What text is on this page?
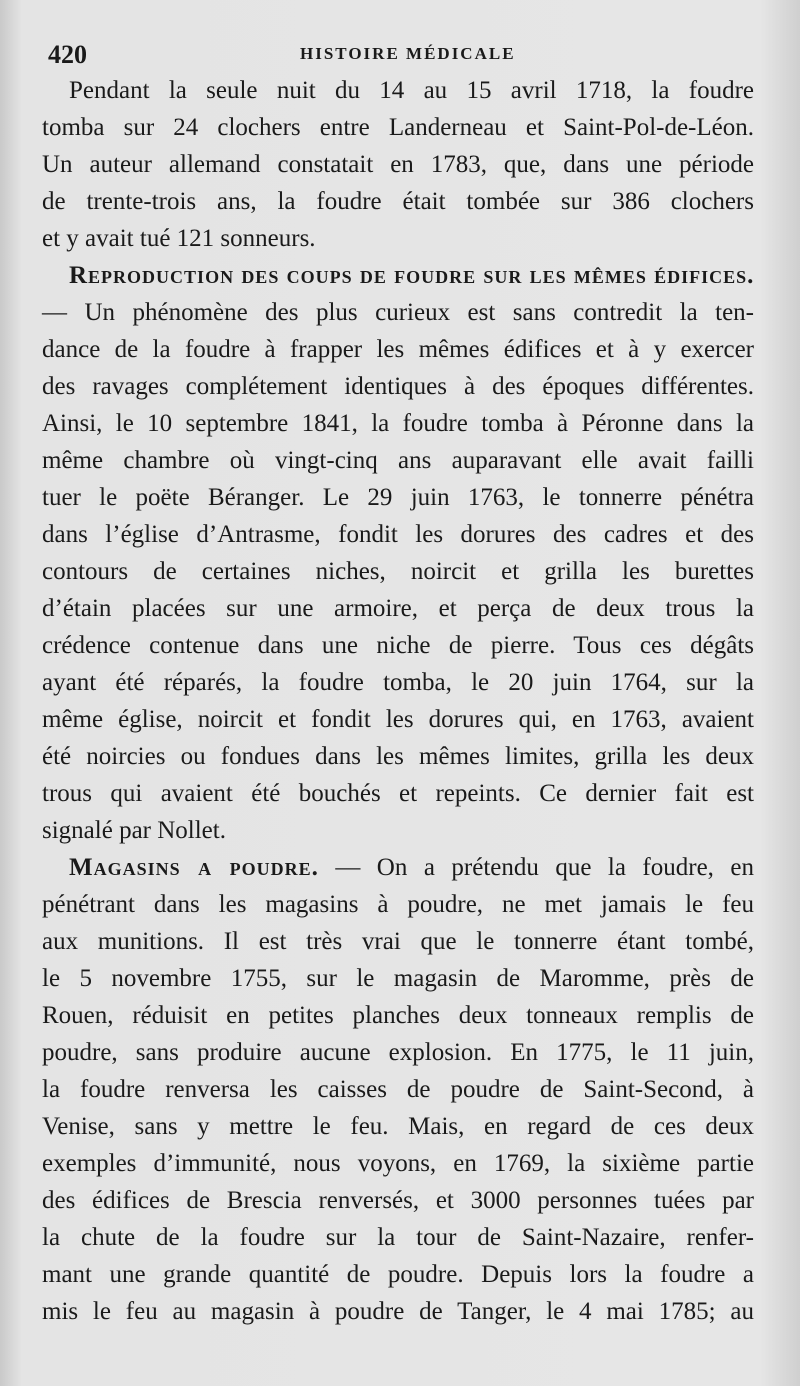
420	HISTOIRE MÉDICALE
Pendant la seule nuit du 14 au 15 avril 1718, la foudre
tomba sur 24 clochers entre Landerneau et Saint-Pol-de-Léon.
Un auteur allemand constatait en 1783, que, dans une période
de trente-trois ans, la foudre était tombée sur 386 clochers
et y avait tué 121 sonneurs.
Reproduction des coups de foudre sur les mêmes édifices.
— Un phénomène des plus curieux est sans contredit la ten-
dance de la foudre à frapper les mêmes édifices et à y exercer
des ravages complétement identiques à des époques différentes.
Ainsi, le 10 septembre 1841, la foudre tomba à Péronne dans la
même chambre où vingt-cinq ans auparavant elle avait failli
tuer le poëte Béranger. Le 29 juin 1763, le tonnerre pénétra
dans l’église d’Antrasme, fondit les dorures des cadres et des
contours de certaines niches, noircit et grilla les burettes
d’étain placées sur une armoire, et perça de deux trous la
crédence contenue dans une niche de pierre. Tous ces dégâts
ayant été réparés, la foudre tomba, le 20 juin 1764, sur la
même église, noircit et fondit les dorures qui, en 1763, avaient
été noircies ou fondues dans les mêmes limites, grilla les deux
trous qui avaient été bouchés et repeints. Ce dernier fait est
signalé par Nollet.
Magasins a poudre. — On a prétendu que la foudre, en
pénétrant dans les magasins à poudre, ne met jamais le feu
aux munitions. Il est très vrai que le tonnerre étant tombé,
le 5 novembre 1755, sur le magasin de Maromme, près de
Rouen, réduisit en petites planches deux tonneaux remplis de
poudre, sans produire aucune explosion. En 1775, le 11 juin,
la foudre renversa les caisses de poudre de Saint-Second, à
Venise, sans y mettre le feu. Mais, en regard de ces deux
exemples d’immunité, nous voyons, en 1769, la sixième partie
des édifices de Brescia renversés, et 3000 personnes tuées par
la chute de la foudre sur la tour de Saint-Nazaire, renfer-
mant une grande quantité de poudre. Depuis lors la foudre a
mis le feu au magasin à poudre de Tanger, le 4 mai 1785; au
